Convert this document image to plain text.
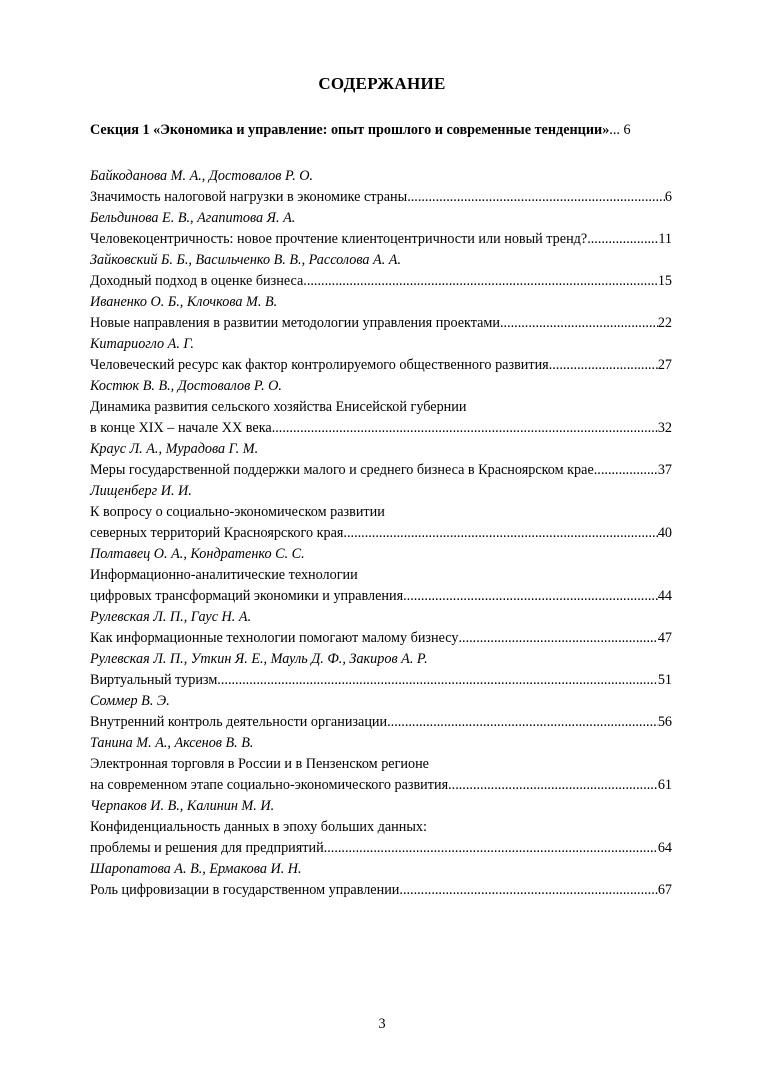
СОДЕРЖАНИЕ
Секция 1 «Экономика и управление: опыт прошлого и современные тенденции» ... 6
Байкоданова М. А., Достовалов Р. О.
Значимость налоговой нагрузки в экономике страны .....	6
Бельдинова Е. В., Агапитова Я. А.
Человекоцентричность: новое прочтение клиентоцентричности или новый тренд? .....	11
Зайковский Б. Б., Васильченко В. В., Рассолова А. А.
Доходный подход в оценке бизнеса .....	15
Иваненко О. Б., Клочкова М. В.
Новые направления в развитии методологии управления проектами .....	22
Китариогло А. Г.
Человеческий ресурс как фактор контролируемого общественного развития .....	27
Костюк В. В., Достовалов Р. О.
Динамика развития сельского хозяйства Енисейской губернии
в конце XIX – начале XX века .....	32
Краус Л. А., Мурадова Г. М.
Меры государственной поддержки малого и среднего бизнеса в Красноярском крае .....	37
Лищенберг И. И.
К вопросу о социально-экономическом развитии
северных территорий Красноярского края .....	40
Полтавец О. А., Кондратенко С. С.
Информационно-аналитические технологии
цифровых трансформаций экономики и управления .....	44
Рулевская Л. П., Гаус Н. А.
Как информационные технологии помогают малому бизнесу .....	47
Рулевская Л. П., Уткин Я. Е., Мауль Д. Ф., Закиров А. Р.
Виртуальный туризм .....	51
Соммер В. Э.
Внутренний контроль деятельности организации .....	56
Танина М. А., Аксенов В. В.
Электронная торговля в России и в Пензенском регионе
на современном этапе социально-экономического развития .....	61
Черпаков И. В., Калинин М. И.
Конфиденциальность данных в эпоху больших данных:
проблемы и решения для предприятий .....	64
Шаропатова А. В., Ермакова И. Н.
Роль цифровизации в государственном управлении .....	67
3
